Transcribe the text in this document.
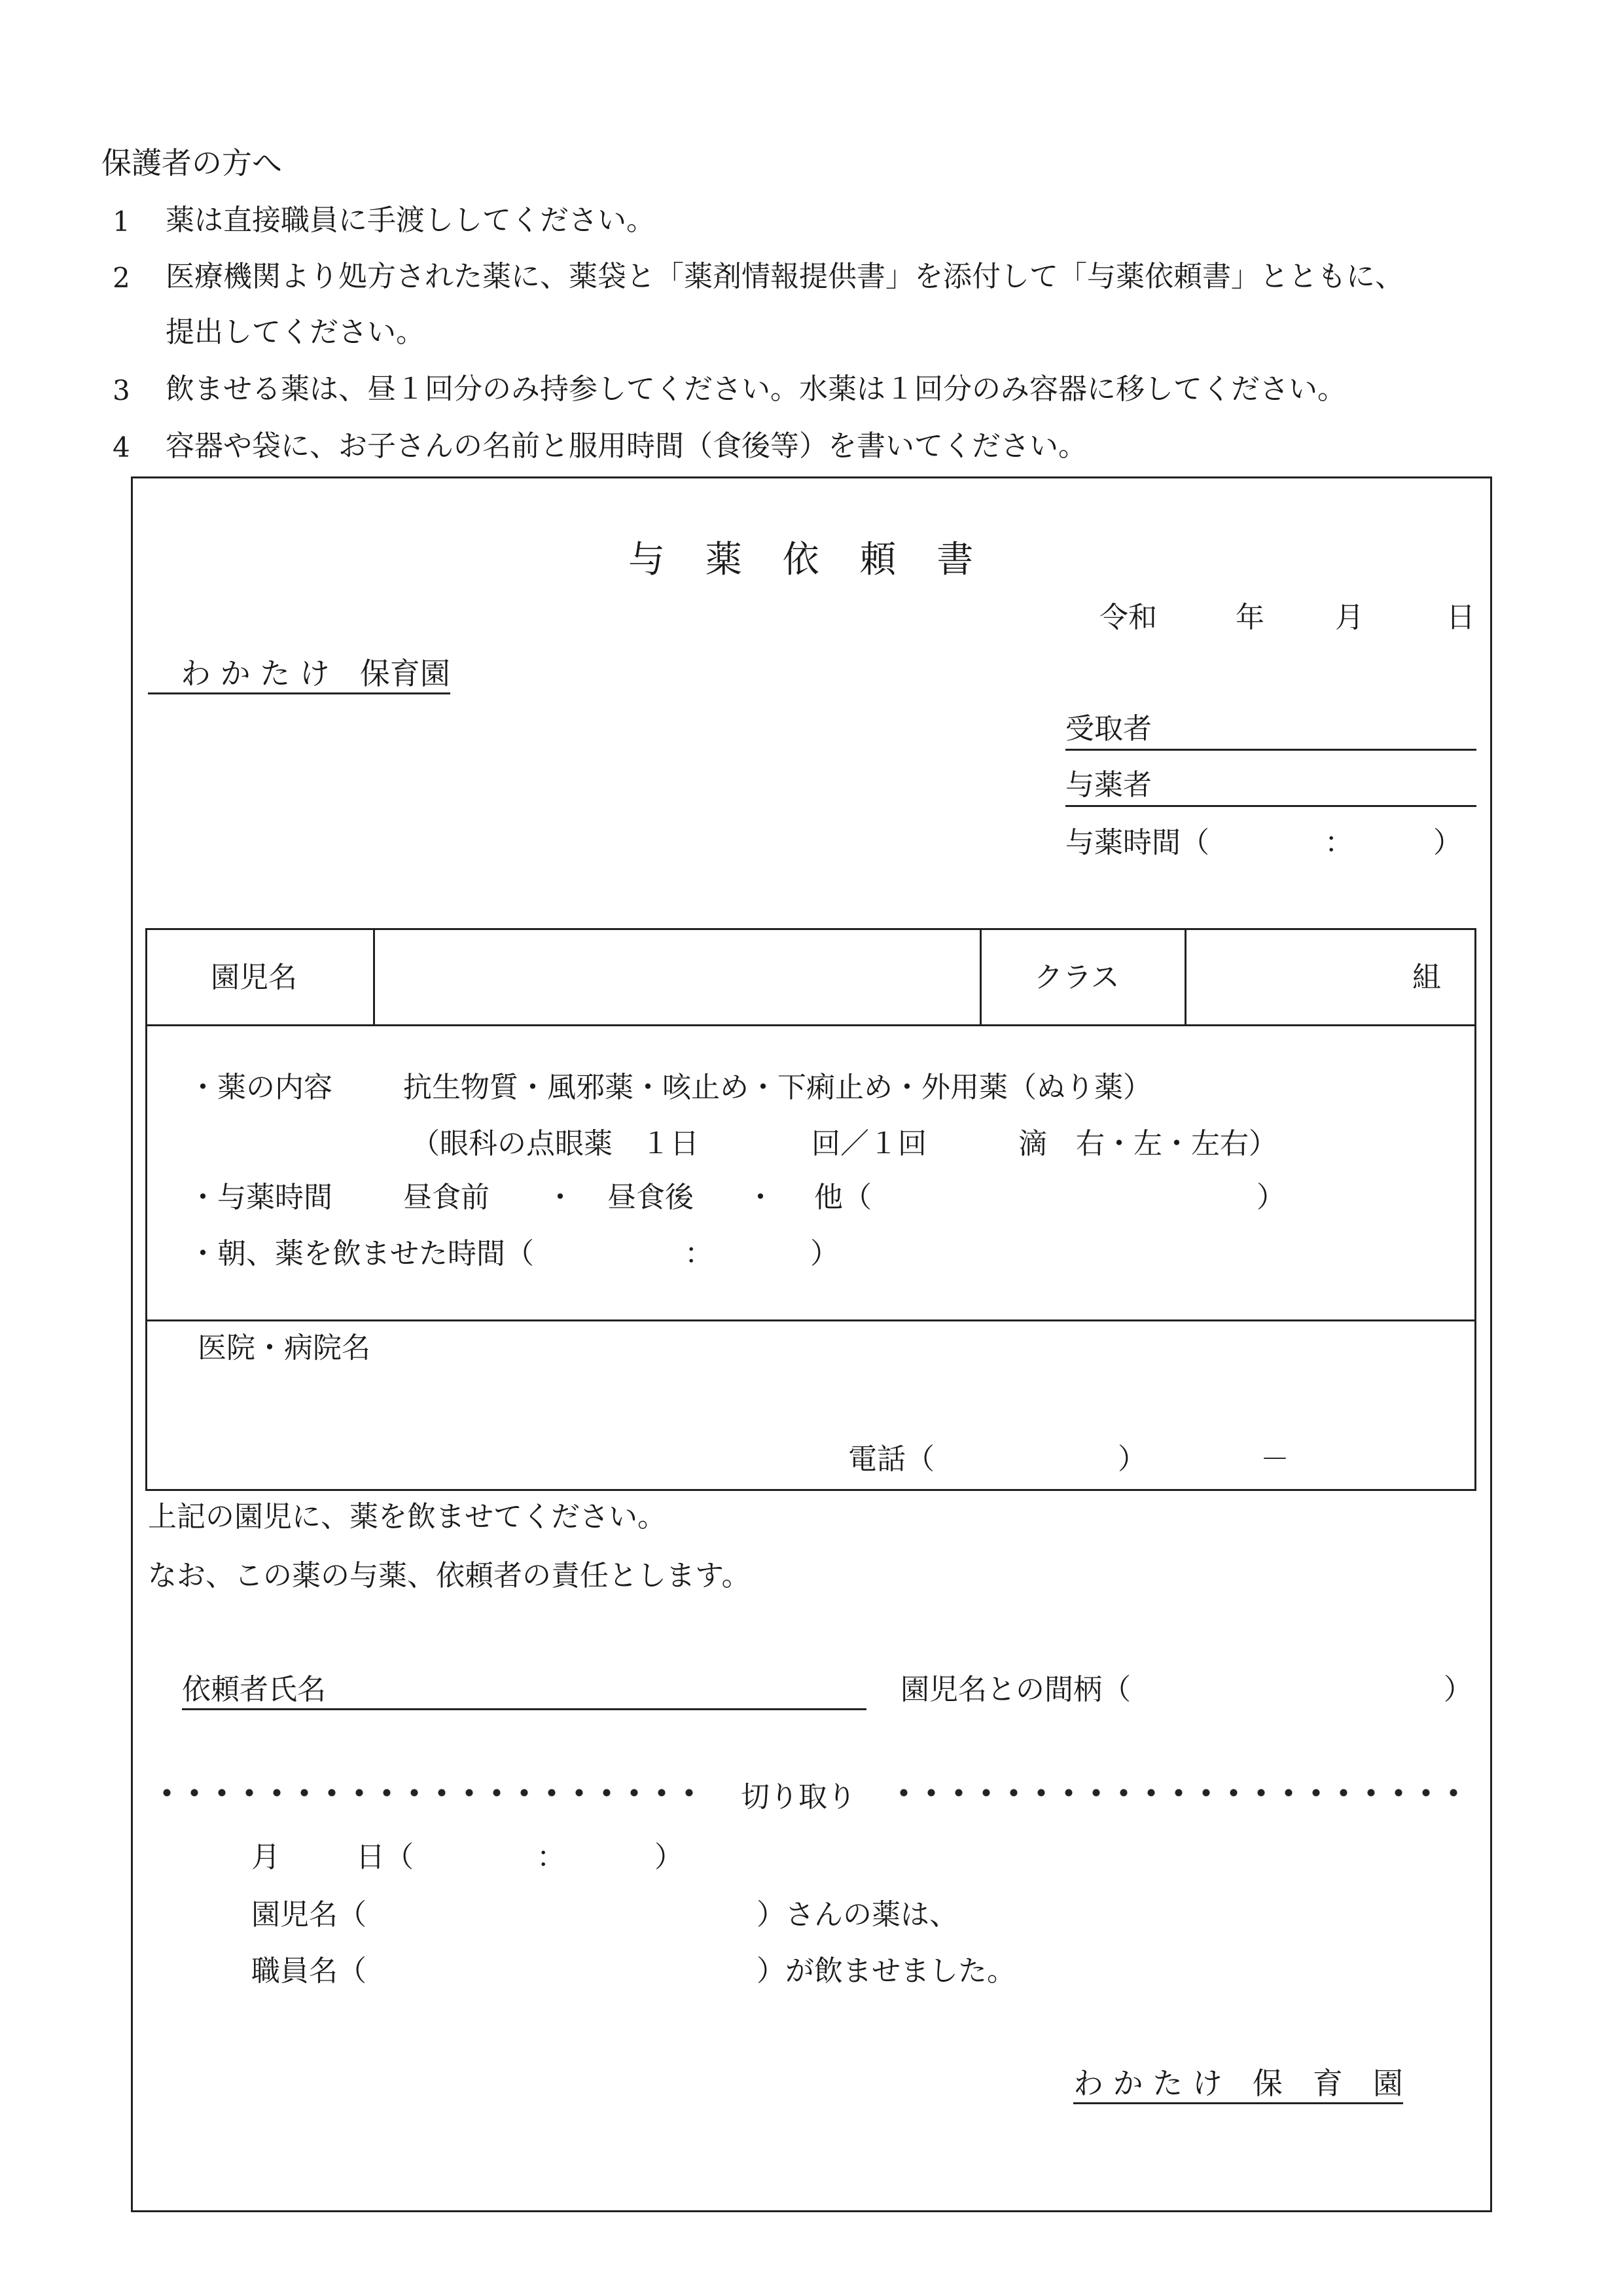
保護者の方へ
1 薬は直接職員に手渡ししてください。
2 医療機関より処方された薬に、薬袋と「薬剤情報提供書」を添付して「与薬依頼書」とともに、
提出してください。
3 飲ませる薬は、昼１回分のみ持参してください。水薬は１回分のみ容器に移してください。
4 容器や袋に、お子さんの名前と服用時間（食後等）を書いてください。
与 薬 依 頼 書
令和	年 月	日
わ か た け　保育園
受取者
与薬者
与薬時間（	：	）
園児名	クラス	組
・薬の内容 抗生物質・風邪薬・咳止め・下痢止め・外用薬（ぬり薬）
（眼科の点眼薬　１日	回／１回	滴　右・左・左右）
・与薬時間 昼食前 ・ 昼食後 ・ 他（	）
・朝、薬を飲ませた時間（	：	）
医院・病院名
電話（	）	－
上記の園児に、薬を飲ませてください。
なお、この薬の与薬、依頼者の責任とします。
依頼者氏名	園児名との間柄（	）
切り取り
月	日（	：	）
園児名（	）さんの薬は、
職員名（	）が飲ませました。
わ か た け　保　育　園
